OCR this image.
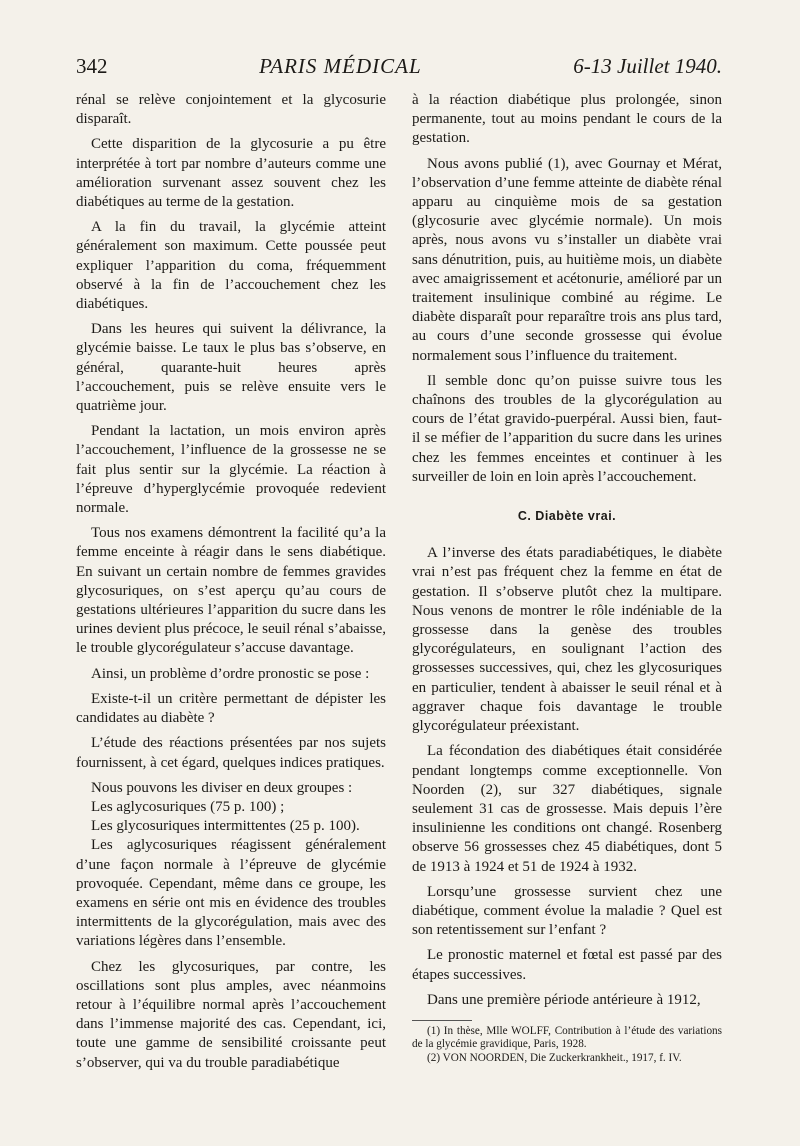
342	PARIS MÉDICAL	6-13 Juillet 1940.

rénal se relève conjointement et la glycosurie disparaît.

Cette disparition de la glycosurie a pu être interprétée à tort par nombre d’auteurs comme une amélioration survenant assez souvent chez les diabétiques au terme de la gestation.

A la fin du travail, la glycémie atteint généralement son maximum. Cette poussée peut expliquer l’apparition du coma, fréquemment observé à la fin de l’accouchement chez les diabétiques.

Dans les heures qui suivent la délivrance, la glycémie baisse. Le taux le plus bas s’observe, en général, quarante-huit heures après l’accouchement, puis se relève ensuite vers le quatrième jour.

Pendant la lactation, un mois environ après l’accouchement, l’influence de la grossesse ne se fait plus sentir sur la glycémie. La réaction à l’épreuve d’hyperglycémie provoquée redevient normale.

Tous nos examens démontrent la facilité qu’a la femme enceinte à réagir dans le sens diabétique. En suivant un certain nombre de femmes gravides glycosuriques, on s’est aperçu qu’au cours de gestations ultérieures l’apparition du sucre dans les urines devient plus précoce, le seuil rénal s’abaisse, le trouble glycorégulateur s’accuse davantage.

Ainsi, un problème d’ordre pronostic se pose :

Existe-t-il un critère permettant de dépister les candidates au diabète ?

L’étude des réactions présentées par nos sujets fournissent, à cet égard, quelques indices pratiques.

Nous pouvons les diviser en deux groupes :

Les aglycosuriques (75 p. 100) ;

Les glycosuriques intermittentes (25 p. 100).

Les aglycosuriques réagissent généralement d’une façon normale à l’épreuve de glycémie provoquée. Cependant, même dans ce groupe, les examens en série ont mis en évidence des troubles intermittents de la glycorégulation, mais avec des variations légères dans l’ensemble.

Chez les glycosuriques, par contre, les oscillations sont plus amples, avec néanmoins retour à l’équilibre normal après l’accouchement dans l’immense majorité des cas. Cependant, ici, toute une gamme de sensibilité croissante peut s’observer, qui va du trouble paradiabétique

à la réaction diabétique plus prolongée, sinon permanente, tout au moins pendant le cours de la gestation.

Nous avons publié (1), avec Gournay et Mérat, l’observation d’une femme atteinte de diabète rénal apparu au cinquième mois de sa gestation (glycosurie avec glycémie normale). Un mois après, nous avons vu s’installer un diabète vrai sans dénutrition, puis, au huitième mois, un diabète avec amaigrissement et acétonurie, amélioré par un traitement insulinique combiné au régime. Le diabète disparaît pour reparaître trois ans plus tard, au cours d’une seconde grossesse qui évolue normalement sous l’influence du traitement.

Il semble donc qu’on puisse suivre tous les chaînons des troubles de la glycorégulation au cours de l’état gravido-puerpéral. Aussi bien, faut-il se méfier de l’apparition du sucre dans les urines chez les femmes enceintes et continuer à les surveiller de loin en loin après l’accouchement.

C. Diabète vrai.

A l’inverse des états paradiabétiques, le diabète vrai n’est pas fréquent chez la femme en état de gestation. Il s’observe plutôt chez la multipare. Nous venons de montrer le rôle indéniable de la grossesse dans la genèse des troubles glycorégulateurs, en soulignant l’action des grossesses successives, qui, chez les glycosuriques en particulier, tendent à abaisser le seuil rénal et à aggraver chaque fois davantage le trouble glycorégulateur préexistant.

La fécondation des diabétiques était considérée pendant longtemps comme exceptionnelle. Von Noorden (2), sur 327 diabétiques, signale seulement 31 cas de grossesse. Mais depuis l’ère insulinienne les conditions ont changé. Rosenberg observe 56 grossesses chez 45 diabétiques, dont 5 de 1913 à 1924 et 51 de 1924 à 1932.

Lorsqu’une grossesse survient chez une diabétique, comment évolue la maladie ? Quel est son retentissement sur l’enfant ?

Le pronostic maternel et fœtal est passé par des étapes successives.

Dans une première période antérieure à 1912,

(1) In thèse, Mlle WOLFF, Contribution à l’étude des variations de la glycémie gravidique, Paris, 1928.

(2) VON NOORDEN, Die Zuckerkrankheit., 1917, f. IV.
